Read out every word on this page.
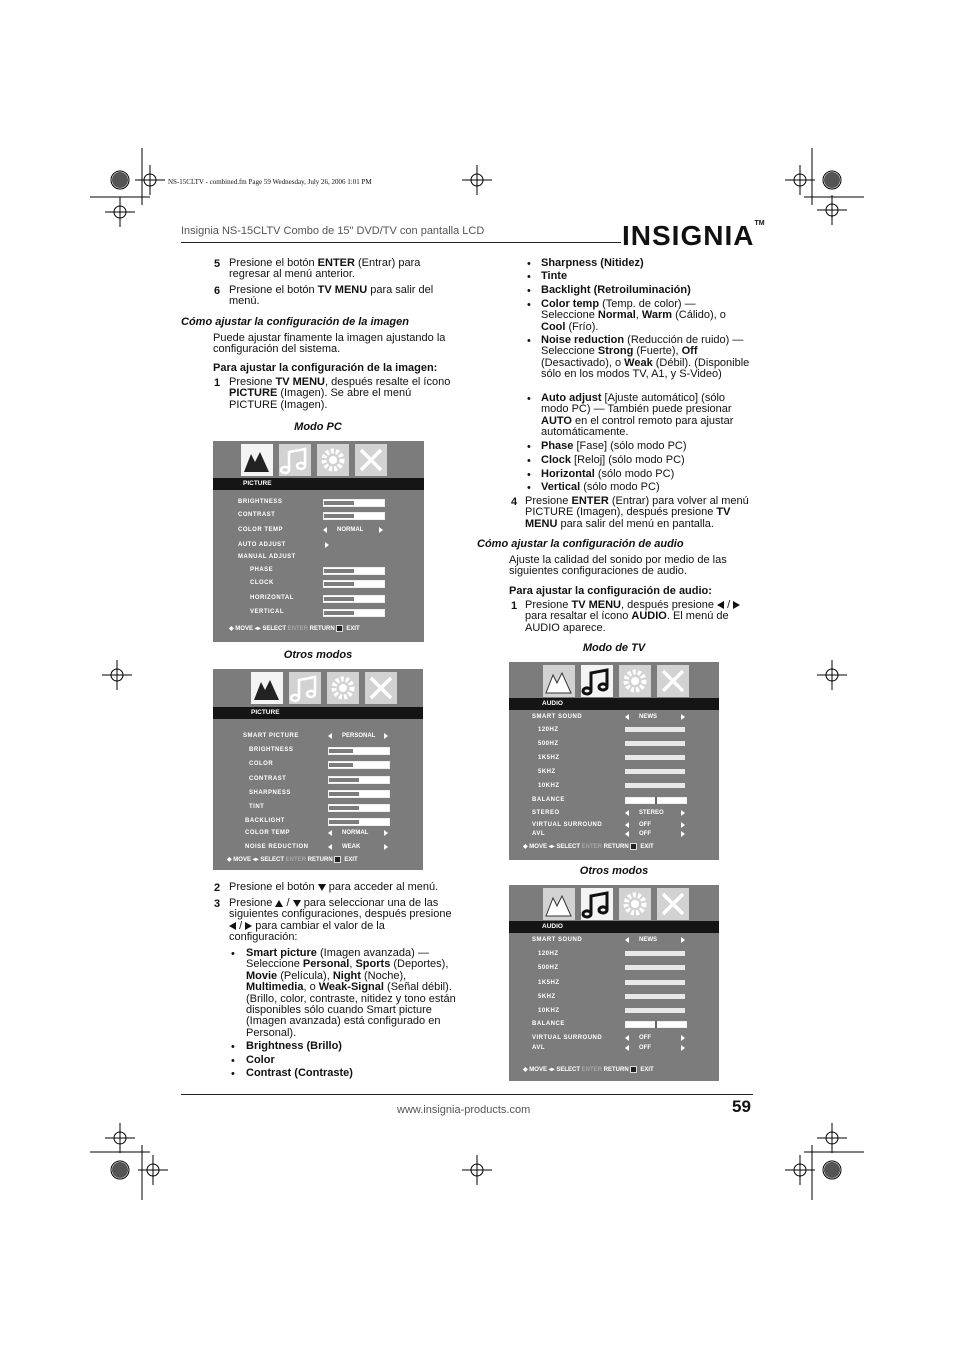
NS-15CLTV - combined.fm Page 59 Wednesday, July 26, 2006 1:01 PM
Insignia NS-15CLTV Combo de 15" DVD/TV con pantalla LCD	INSIGNIA™
5 Presione el botón ENTER (Entrar) para regresar al menú anterior.
6 Presione el botón TV MENU para salir del menú.
Cómo ajustar la configuración de la imagen
Puede ajustar finamente la imagen ajustando la configuración del sistema.
Para ajustar la configuración de la imagen:
1 Presione TV MENU, después resalte el ícono PICTURE (Imagen). Se abre el menú PICTURE (Imagen).
Modo PC
PICTURE
BRIGHTNESS
CONTRAST
COLOR TEMP	NORMAL
AUTO ADJUST
MANUAL ADJUST
PHASE
CLOCK
HORIZONTAL
VERTICAL
◆ MOVE ◂▸ SELECT ENTER RETURN EXIT
Otros modos
PICTURE
SMART PICTURE	PERSONAL
BRIGHTNESS
COLOR
CONTRAST
SHARPNESS
TINT
BACKLIGHT
COLOR TEMP	NORMAL
NOISE REDUCTION	WEAK
◆ MOVE ◂▸ SELECT ENTER RETURN EXIT
2 Presione el botón para acceder al menú.
3 Presione / para seleccionar una de las siguientes configuraciones, después presione  / para cambiar el valor de la configuración:
• Smart picture (Imagen avanzada) — Seleccione Personal, Sports (Deportes), Movie (Película), Night (Noche), Multimedia, o Weak-Signal (Señal débil). (Brillo, color, contraste, nitidez y tono están disponibles sólo cuando Smart picture (Imagen avanzada) está configurado en Personal).
• Brightness (Brillo)
• Color
• Contrast (Contraste)
• Sharpness (Nitidez)
• Tinte
• Backlight (Retroiluminación)
• Color temp (Temp. de color) — Seleccione Normal, Warm (Cálido), o Cool (Frío).
• Noise reduction (Reducción de ruido) — Seleccione Strong (Fuerte), Off (Desactivado), o Weak (Débil). (Disponible sólo en los modos TV, A1, y S-Video)
• Auto adjust [Ajuste automático] (sólo modo PC) — También puede presionar AUTO en el control remoto para ajustar automáticamente.
• Phase [Fase] (sólo modo PC)
• Clock [Reloj] (sólo modo PC)
• Horizontal (sólo modo PC)
• Vertical (sólo modo PC)
4 Presione ENTER (Entrar) para volver al menú PICTURE (Imagen), después presione TV MENU para salir del menú en pantalla.
Cómo ajustar la configuración de audio
Ajuste la calidad del sonido por medio de las siguientes configuraciones de audio.
Para ajustar la configuración de audio:
1 Presione TV MENU, después presione /  para resaltar el ícono AUDIO. El menú de AUDIO aparece.
Modo de TV
AUDIO
SMART SOUND	NEWS
120HZ
500HZ
1K5HZ
5KHZ
10KHZ
BALANCE
STEREO	STEREO
VIRTUAL SURROUND	OFF
AVL	OFF
◆ MOVE ◂▸ SELECT ENTER RETURN EXIT
Otros modos
AUDIO
SMART SOUND	NEWS
120HZ
500HZ
1K5HZ
5KHZ
10KHZ
BALANCE
VIRTUAL SURROUND	OFF
AVL	OFF
◆ MOVE ◂▸ SELECT ENTER RETURN EXIT
www.insignia-products.com	59
